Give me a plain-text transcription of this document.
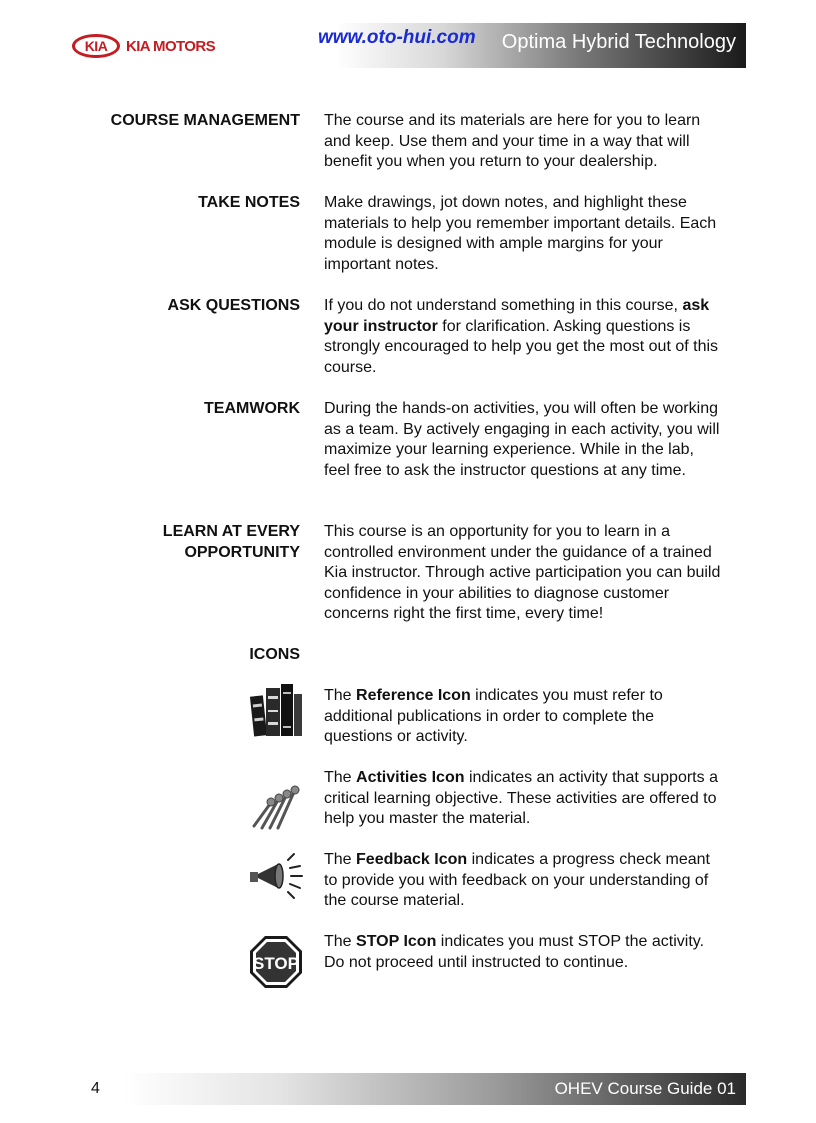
Optima Hybrid Technology
KIA KIA MOTORS	www.oto-hui.com
COURSE MANAGEMENT The course and its materials are here for you to learn and keep. Use them and your time in a way that will benefit you when you return to your dealership.
TAKE NOTES Make drawings, jot down notes, and highlight these materials to help you remember important details. Each module is designed with ample margins for your important notes.
ASK QUESTIONS If you do not understand something in this course, ask your instructor for clarification. Asking questions is strongly encouraged to help you get the most out of this course.
TEAMWORK During the hands-on activities, you will often be working as a team. By actively engaging in each activity, you will maximize your learning experience. While in the lab, feel free to ask the instructor questions at any time.
LEARN AT EVERY
OPPORTUNITY
This course is an opportunity for you to learn in a controlled environment under the guidance of a trained Kia instructor. Through active participation you can build confidence in your abilities to diagnose customer concerns right the first time, every time!
ICONS
The Reference Icon indicates you must refer to additional publications in order to complete the questions or activity.
The Activities Icon indicates an activity that supports a critical learning objective. These activities are offered to help you master the material.
The Feedback Icon indicates a progress check meant to provide you with feedback on your understanding of the course material.
STOP
The STOP Icon indicates you must STOP the activity. Do not proceed until instructed to continue.
4	OHEV Course Guide 01
